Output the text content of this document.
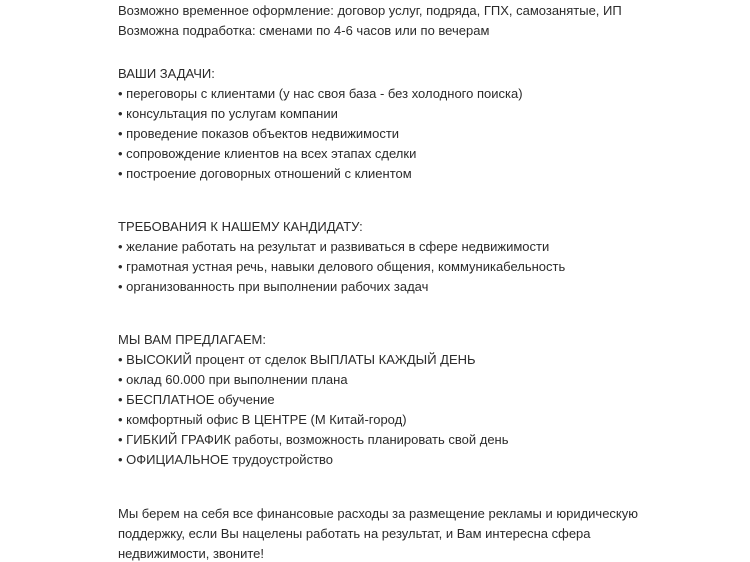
Возможно временное оформление: договор услуг, подряда, ГПХ, самозанятые, ИП
Возможна подработка: сменами по 4-6 часов или по вечерам
ВАШИ ЗАДАЧИ:
• переговоры с клиентами (у нас своя база - без холодного поиска)
• консультация по услугам компании
• проведение показов объектов недвижимости
• сопровождение клиентов на всех этапах сделки
• построение договорных отношений с клиентом
ТРЕБОВАНИЯ К НАШЕМУ КАНДИДАТУ:
• желание работать на результат и развиваться в сфере недвижимости
• грамотная устная речь, навыки делового общения, коммуникабельность
• организованность при выполнении рабочих задач
МЫ ВАМ ПРЕДЛАГАЕМ:
• ВЫСОКИЙ процент от сделок ВЫПЛАТЫ КАЖДЫЙ ДЕНЬ
• оклад 60.000 при выполнении плана
• БЕСПЛАТНОЕ обучение
• комфортный офис В ЦЕНТРЕ (М Китай-город)
• ГИБКИЙ ГРАФИК работы, возможность планировать свой день
• ОФИЦИАЛЬНОЕ трудоустройство
Мы берем на себя все финансовые расходы за размещение рекламы и юридическую
поддержку, если Вы нацелены работать на результат, и Вам интересна сфера
недвижимости, звоните!
